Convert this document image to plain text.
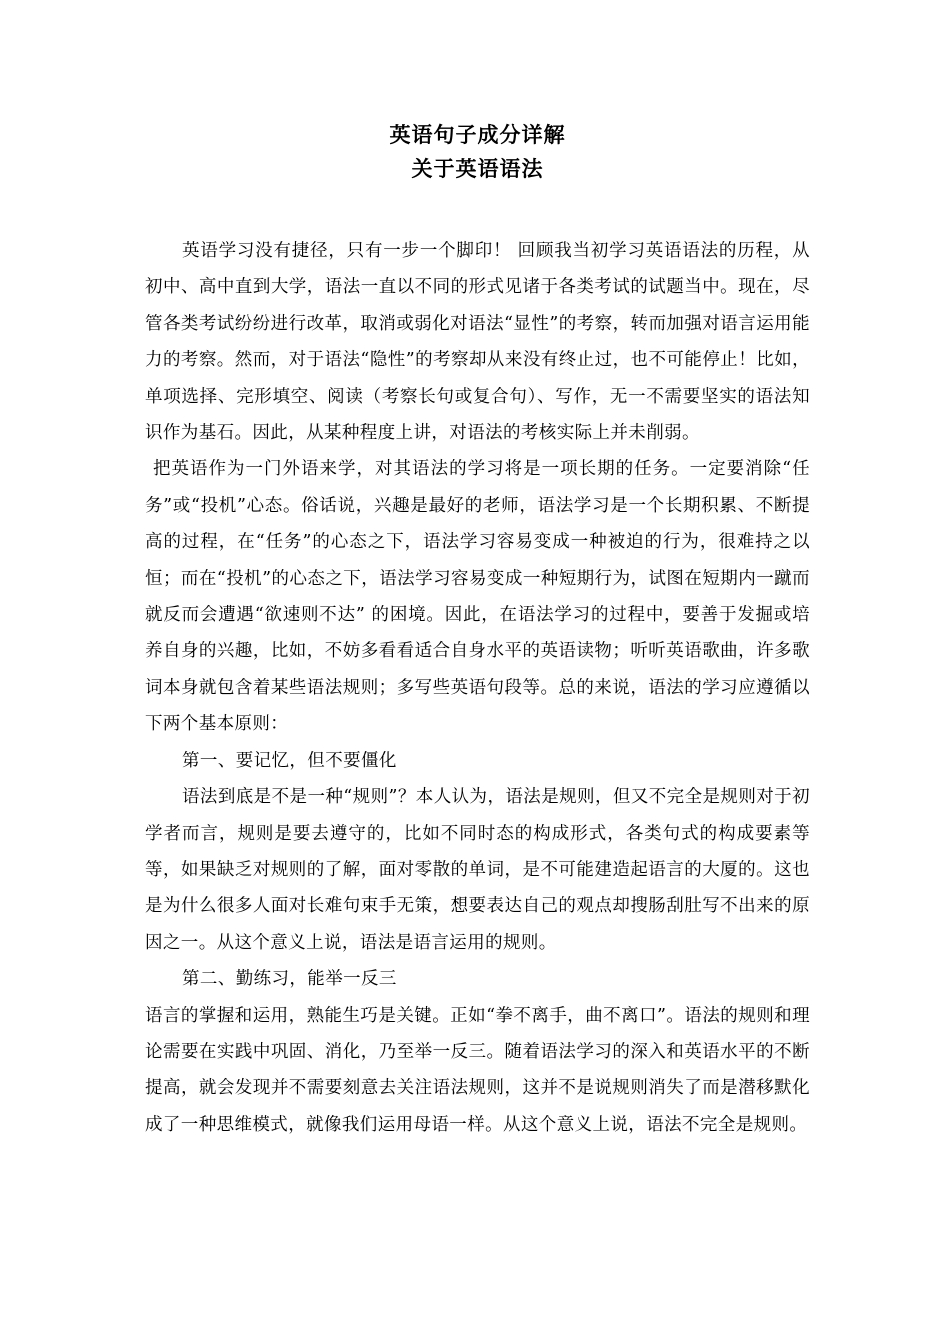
英语句子成分详解
关于英语语法

英语学习没有捷径，只有一步一个脚印！ 回顾我当初学习英语语法的历程，从初中、高中直到大学，语法一直以不同的形式见诸于各类考试的试题当中。现在，尽管各类考试纷纷进行改革，取消或弱化对语法“显性”的考察，转而加强对语言运用能力的考察。然而，对于语法“隐性”的考察却从来没有终止过，也不可能停止！比如，单项选择、完形填空、阅读（考察长句或复合句）、写作，无一不需要坚实的语法知识作为基石。因此，从某种程度上讲，对语法的考核实际上并未削弱。

把英语作为一门外语来学，对其语法的学习将是一项长期的任务。一定要消除“任务”或“投机”心态。俗话说，兴趣是最好的老师，语法学习是一个长期积累、不断提高的过程，在“任务”的心态之下，语法学习容易变成一种被迫的行为，很难持之以恒；而在“投机”的心态之下，语法学习容易变成一种短期行为，试图在短期内一蹴而就反而会遭遇“欲速则不达” 的困境。因此，在语法学习的过程中，要善于发掘或培养自身的兴趣，比如，不妨多看看适合自身水平的英语读物；听听英语歌曲，许多歌词本身就包含着某些语法规则；多写些英语句段等。总的来说，语法的学习应遵循以下两个基本原则：

第一、要记忆，但不要僵化

语法到底是不是一种“规则”？本人认为，语法是规则，但又不完全是规则对于初学者而言，规则是要去遵守的，比如不同时态的构成形式，各类句式的构成要素等等，如果缺乏对规则的了解，面对零散的单词，是不可能建造起语言的大厦的。这也是为什么很多人面对长难句束手无策，想要表达自己的观点却搜肠刮肚写不出来的原因之一。从这个意义上说，语法是语言运用的规则。

第二、勤练习，能举一反三

语言的掌握和运用，熟能生巧是关键。正如“拳不离手，曲不离口”。语法的规则和理论需要在实践中巩固、消化，乃至举一反三。随着语法学习的深入和英语水平的不断提高，就会发现并不需要刻意去关注语法规则，这并不是说规则消失了而是潜移默化成了一种思维模式，就像我们运用母语一样。从这个意义上说，语法不完全是规则。
